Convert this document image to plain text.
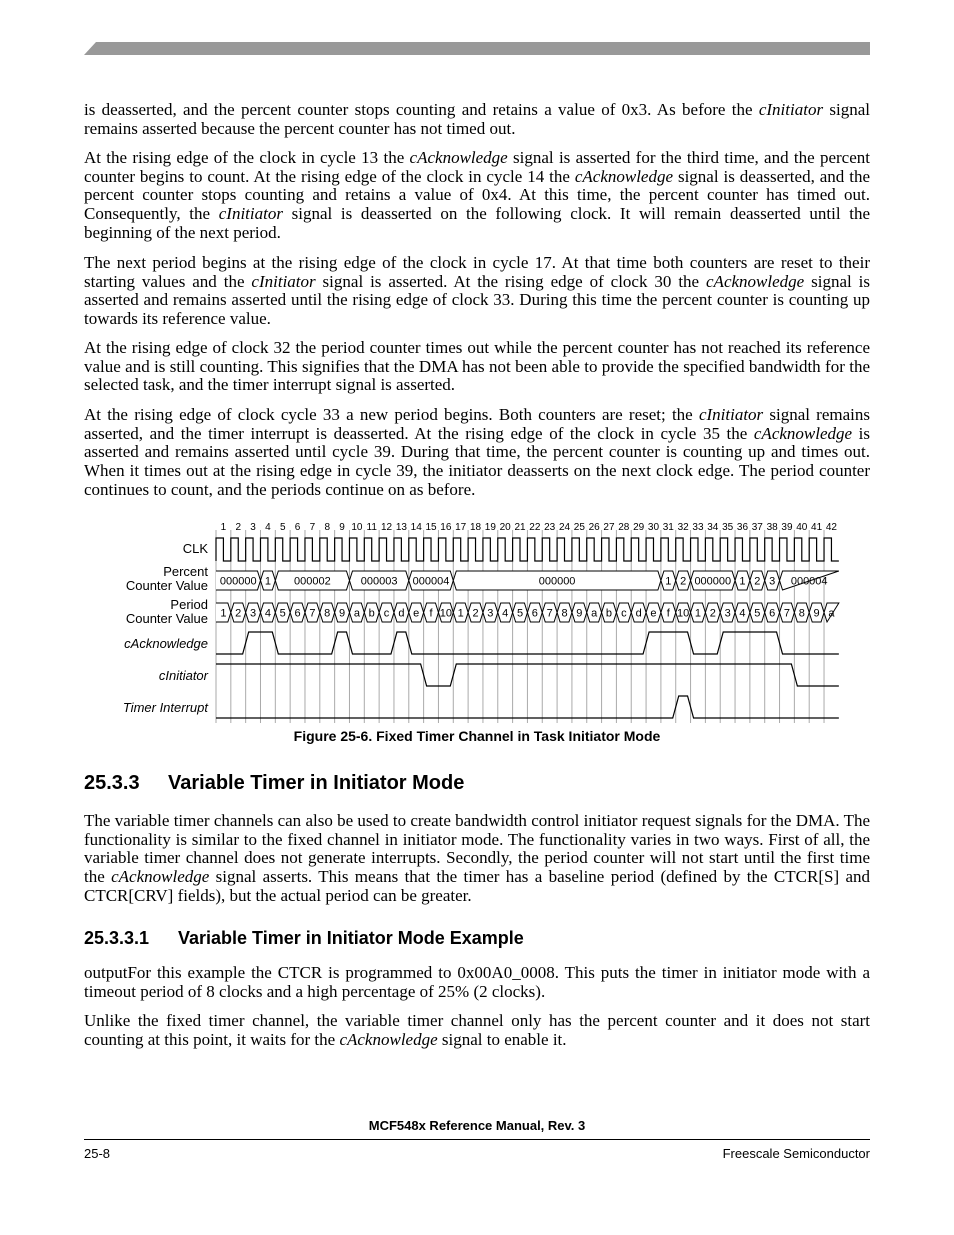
is deasserted, and the percent counter stops counting and retains a value of 0x3. As before the cInitiator signal remains asserted because the percent counter has not timed out.

At the rising edge of the clock in cycle 13 the cAcknowledge signal is asserted for the third time, and the percent counter begins to count. At the rising edge of the clock in cycle 14 the cAcknowledge signal is deasserted, and the percent counter stops counting and retains a value of 0x4. At this time, the percent counter has timed out. Consequently, the cInitiator signal is deasserted on the following clock. It will remain deasserted until the beginning of the next period.

The next period begins at the rising edge of the clock in cycle 17. At that time both counters are reset to their starting values and the cInitiator signal is asserted. At the rising edge of clock 30 the cAcknowledge signal is asserted and remains asserted until the rising edge of clock 33. During this time the percent counter is counting up towards its reference value.

At the rising edge of clock 32 the period counter times out while the percent counter has not reached its reference value and is still counting. This signifies that the DMA has not been able to provide the specified bandwidth for the selected task, and the timer interrupt signal is asserted.

At the rising edge of clock cycle 33 a new period begins. Both counters are reset; the cInitiator signal remains asserted, and the timer interrupt is deasserted. At the rising edge of the clock in cycle 35 the cAcknowledge is asserted and remains asserted until cycle 39. During that time, the percent counter is counting up and times out. When it times out at the rising edge in cycle 39, the initiator deasserts on the next clock edge. The period counter continues to count, and the periods continue on as before.

1 2 3 4 5 6 7 8 9 10 11 12 13 14 15 16 17 18 19 20 21 22 23 24 25 26 27 28 29 30 31 32 33 34 35 36 37 38 39 40 41 42
CLK
Percent
Counter Value
Period
Counter Value
cAcknowledge
cInitiator
Timer Interrupt
000000 1 000002	000003 000004	000000	1 2 000000 1 2 3 000004
1 2 3 4 5 6 7 8 9 a b c d e f 10 1 2 3 4 5 6 7 8 9 a b c d e f 10 1 2 3 4 5 6 7 8 9 a
Figure 25-6. Fixed Timer Channel in Task Initiator Mode
25.3.3 Variable Timer in Initiator Mode

The variable timer channels can also be used to create bandwidth control initiator request signals for the DMA. The functionality is similar to the fixed channel in initiator mode. The functionality varies in two ways. First of all, the variable timer channel does not generate interrupts. Secondly, the period counter will not start until the first time the cAcknowledge signal asserts. This means that the timer has a baseline period (defined by the CTCR[S] and CTCR[CRV] fields), but the actual period can be greater.

25.3.3.1 Variable Timer in Initiator Mode Example

outputFor this example the CTCR is programmed to 0x00A0_0008. This puts the timer in initiator mode with a timeout period of 8 clocks and a high percentage of 25% (2 clocks).

Unlike the fixed timer channel, the variable timer channel only has the percent counter and it does not start counting at this point, it waits for the cAcknowledge signal to enable it.

MCF548x Reference Manual, Rev. 3
25-8	Freescale Semiconductor
